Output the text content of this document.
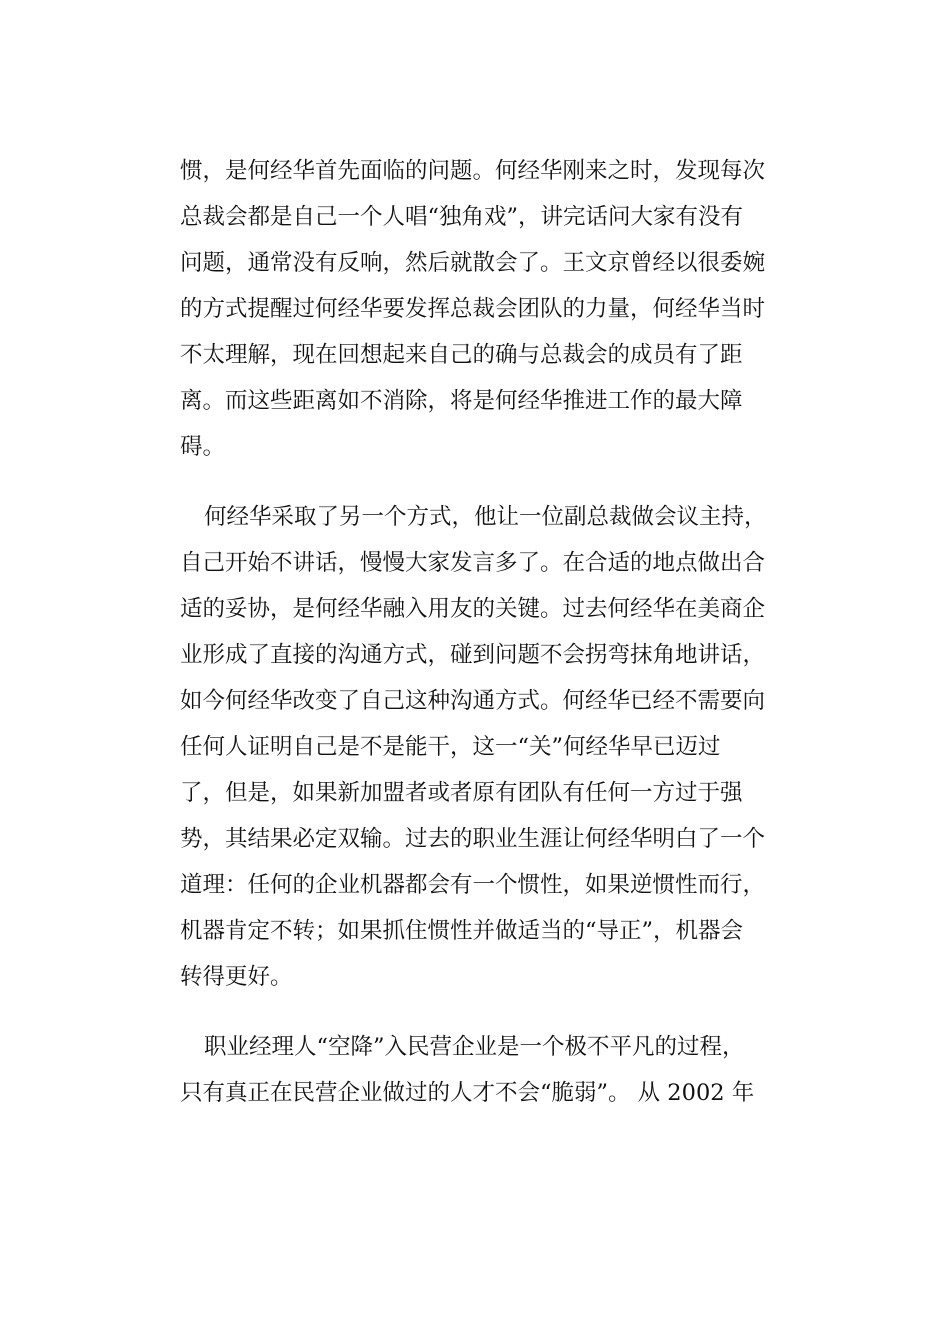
惯，是何经华首先面临的问题。何经华刚来之时，发现每次
总裁会都是自己一个人唱“独角戏”，讲完话问大家有没有
问题，通常没有反响，然后就散会了。王文京曾经以很委婉
的方式提醒过何经华要发挥总裁会团队的力量，何经华当时
不太理解，现在回想起来自己的确与总裁会的成员有了距
离。而这些距离如不消除，将是何经华推进工作的最大障
碍。
何经华采取了另一个方式，他让一位副总裁做会议主持，
自己开始不讲话，慢慢大家发言多了。在合适的地点做出合
适的妥协，是何经华融入用友的关键。过去何经华在美商企
业形成了直接的沟通方式，碰到问题不会拐弯抹角地讲话，
如今何经华改变了自己这种沟通方式。何经华已经不需要向
任何人证明自己是不是能干，这一“关”何经华早已迈过
了，但是，如果新加盟者或者原有团队有任何一方过于强
势，其结果必定双输。过去的职业生涯让何经华明白了一个
道理：任何的企业机器都会有一个惯性，如果逆惯性而行，
机器肯定不转；如果抓住惯性并做适当的“导正”，机器会
转得更好。
职业经理人“空降”入民营企业是一个极不平凡的过程，
只有真正在民营企业做过的人才不会“脆弱”。 从 2002 年
